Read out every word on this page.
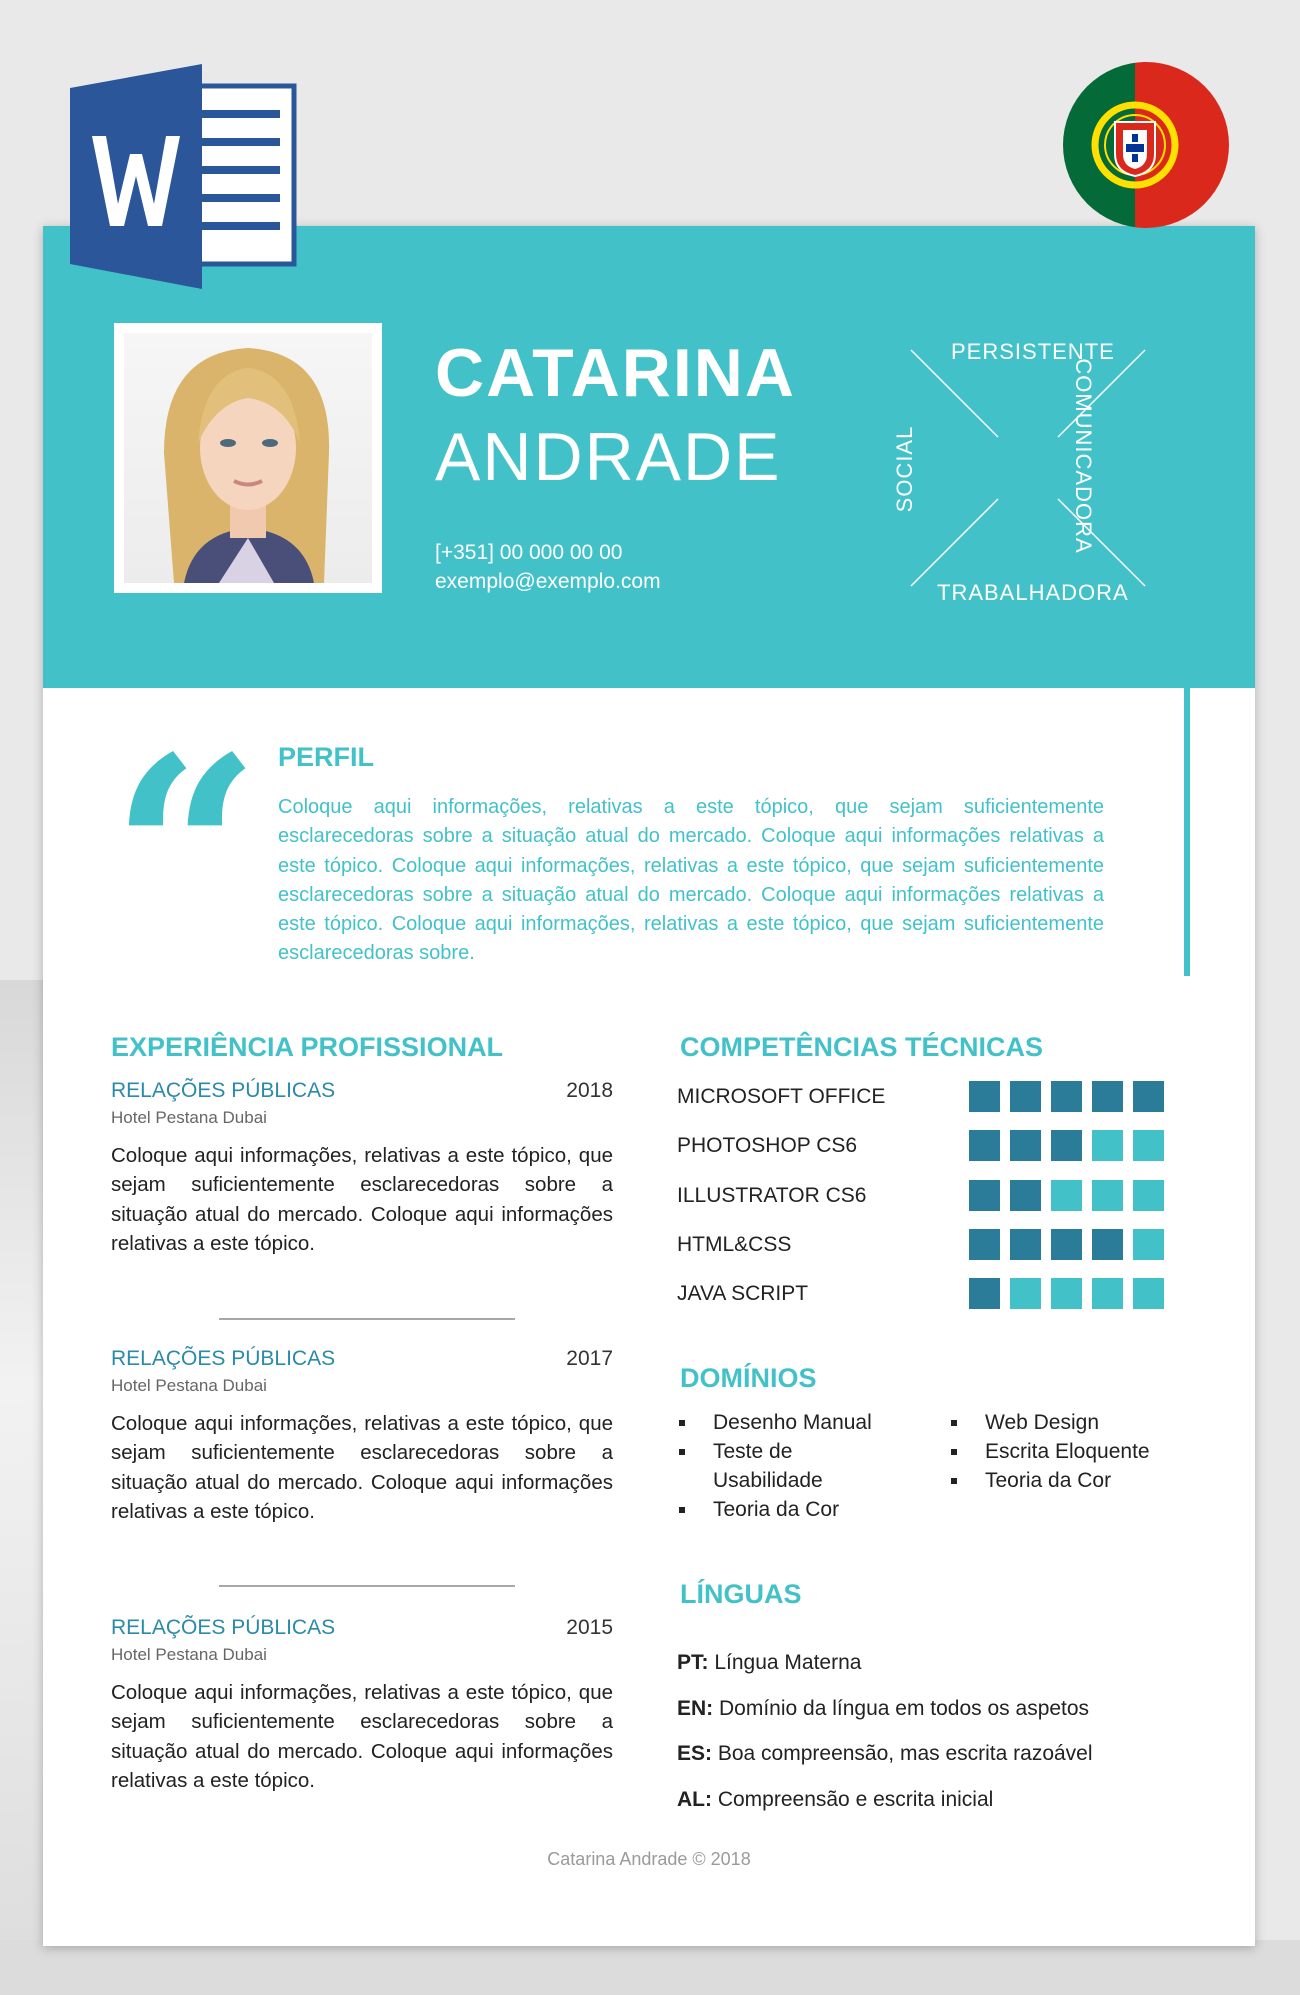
CATARINA
ANDRADE
[+351] 00 000 00 00
exemplo@exemplo.com
PERSISTENTE
TRABALHADORA
COMUNICADORA
SOCIAL
“ PERFIL
Coloque aqui informações, relativas a este tópico, que sejam suficientemente esclarecedoras sobre a situação atual do mercado. Coloque aqui informações relativas a este tópico. Coloque aqui informações, relativas a este tópico, que sejam suficientemente esclarecedoras sobre a situação atual do mercado. Coloque aqui informações relativas a este tópico. Coloque aqui informações, relativas a este tópico, que sejam suficientemente esclarecedoras sobre.
EXPERIÊNCIA PROFISSIONAL
RELAÇÕES PÚBLICAS	2018
Hotel Pestana Dubai
Coloque aqui informações, relativas a este tópico, que sejam suficientemente esclarecedoras sobre a situação atual do mercado. Coloque aqui informações relativas a este tópico.
RELAÇÕES PÚBLICAS	2017
Hotel Pestana Dubai
Coloque aqui informações, relativas a este tópico, que sejam suficientemente esclarecedoras sobre a situação atual do mercado. Coloque aqui informações relativas a este tópico.
RELAÇÕES PÚBLICAS	2015
Hotel Pestana Dubai
Coloque aqui informações, relativas a este tópico, que sejam suficientemente esclarecedoras sobre a situação atual do mercado. Coloque aqui informações relativas a este tópico.
COMPETÊNCIAS TÉCNICAS
MICROSOFT OFFICE
PHOTOSHOP CS6
ILLUSTRATOR CS6
HTML&CSS
JAVA SCRIPT
DOMÍNIOS
Desenho Manual
Teste de Usabilidade
Teoria da Cor
Web Design
Escrita Eloquente
Teoria da Cor
LÍNGUAS
PT: Língua Materna
EN: Domínio da língua em todos os aspetos
ES: Boa compreensão, mas escrita razoável
AL: Compreensão e escrita inicial
Catarina Andrade © 2018
